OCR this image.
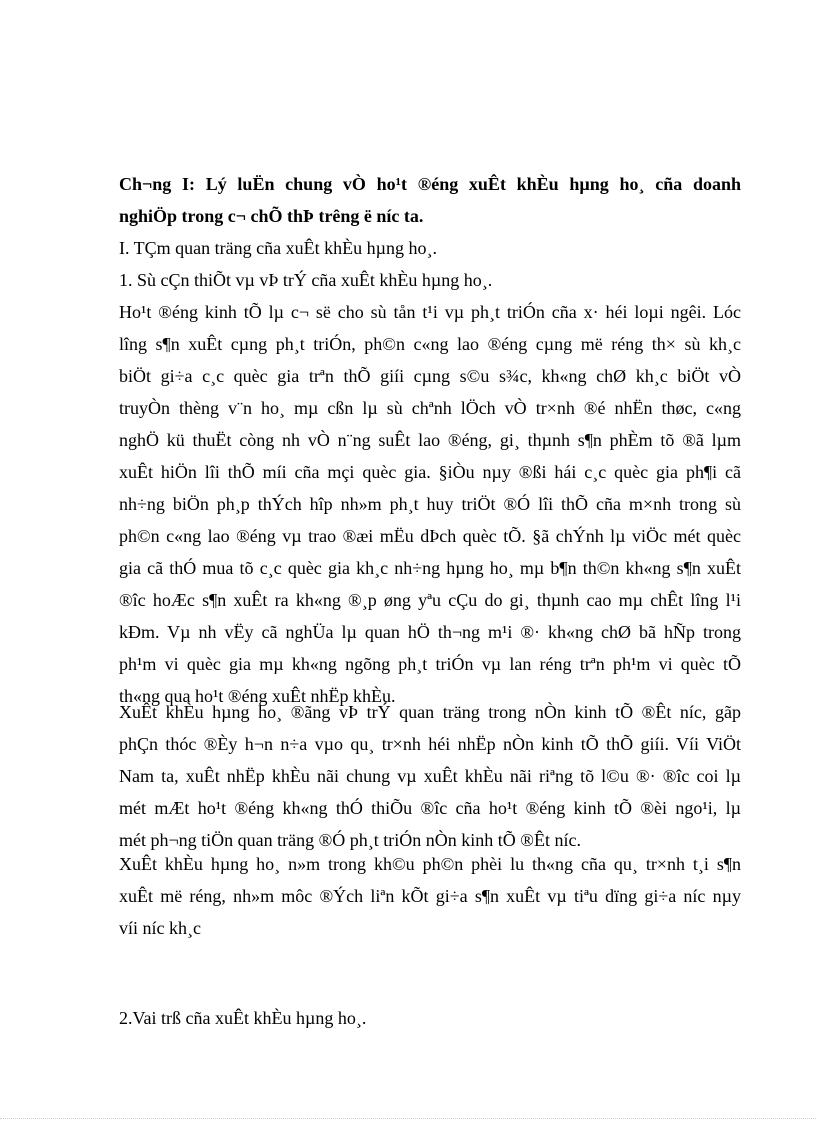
Ch¬ng I: Lý luËn chung vÒ ho¹t ®éng xuÊt khÈu hµng ho¸ cña doanh
nghiÖp trong c¬ chÕ thÞ trêng ë níc ta.
I. TÇm quan träng cña xuÊt khÈu hµng ho¸.
1. Sù cÇn thiÕt vµ vÞ trÝ cña xuÊt khÈu hµng ho¸.
Ho¹t ®éng kinh tÕ lµ c¬ së cho sù tån t¹i vµ ph¸t triÓn cña x· héi loµi ngêi. Lóc
lîng s¶n xuÊt cµng ph¸t triÓn, ph©n c«ng lao ®éng cµng më réng th× sù kh¸c
biÖt gi÷a c¸c quèc gia trªn thÕ giíi cµng s©u s¾c, kh«ng chØ kh¸c biÖt vÒ
truyÒn thèng v¨n ho¸ mµ cßn lµ sù chªnh lÖch vÒ tr×nh ®é nhËn thøc, c«ng
nghÖ kü thuËt còng nh vÒ n¨ng suÊt lao ®éng, gi¸ thµnh s¶n phÈm tõ ®ã lµm
xuÊt hiÖn lîi thÕ míi cña mçi quèc gia. §iÒu nµy ®ßi hái c¸c quèc gia ph¶i cã
nh÷ng biÖn ph¸p thÝch hîp nh»m ph¸t huy triÖt ®Ó lîi thÕ cña m×nh trong sù
ph©n c«ng lao ®éng vµ trao ®æi mËu dÞch quèc tÕ. §ã chÝnh lµ viÖc mét quèc
gia cã thÓ mua tõ c¸c quèc gia kh¸c nh÷ng hµng ho¸ mµ b¶n th©n kh«ng s¶n xuÊt
®îc hoÆc s¶n xuÊt ra kh«ng ®¸p øng yªu cÇu do gi¸ thµnh cao mµ chÊt lîng l¹i
kÐm. Vµ nh vËy cã nghÜa lµ quan hÖ th¬ng m¹i ®· kh«ng chØ bã hÑp trong
ph¹m vi quèc gia mµ kh«ng ngõng ph¸t triÓn vµ lan réng trªn ph¹m vi quèc tÕ
th«ng qua ho¹t ®éng xuÊt nhËp khÈu.
XuÊt khÈu hµng ho¸ ®ãng vÞ trÝ quan träng trong nÒn kinh tÕ ®Êt níc, gãp
phÇn thóc ®Èy h¬n n÷a vµo qu¸ tr×nh héi nhËp nÒn kinh tÕ thÕ giíi. Víi ViÖt
Nam ta, xuÊt nhËp khÈu nãi chung vµ xuÊt khÈu nãi riªng tõ l©u ®· ®îc coi lµ
mét mÆt ho¹t ®éng kh«ng thÓ thiÕu ®îc cña ho¹t ®éng kinh tÕ ®èi ngo¹i, lµ
mét ph¬ng tiÖn quan träng ®Ó ph¸t triÓn nÒn kinh tÕ ®Êt níc.
XuÊt khÈu hµng ho¸ n»m trong kh©u ph©n phèi lu th«ng cña qu¸ tr×nh t¸i s¶n
xuÊt më réng, nh»m môc ®Ých liªn kÕt gi÷a s¶n xuÊt vµ tiªu dïng gi÷a níc nµy
víi níc kh¸c
2.Vai trß cña xuÊt khÈu hµng ho¸.
